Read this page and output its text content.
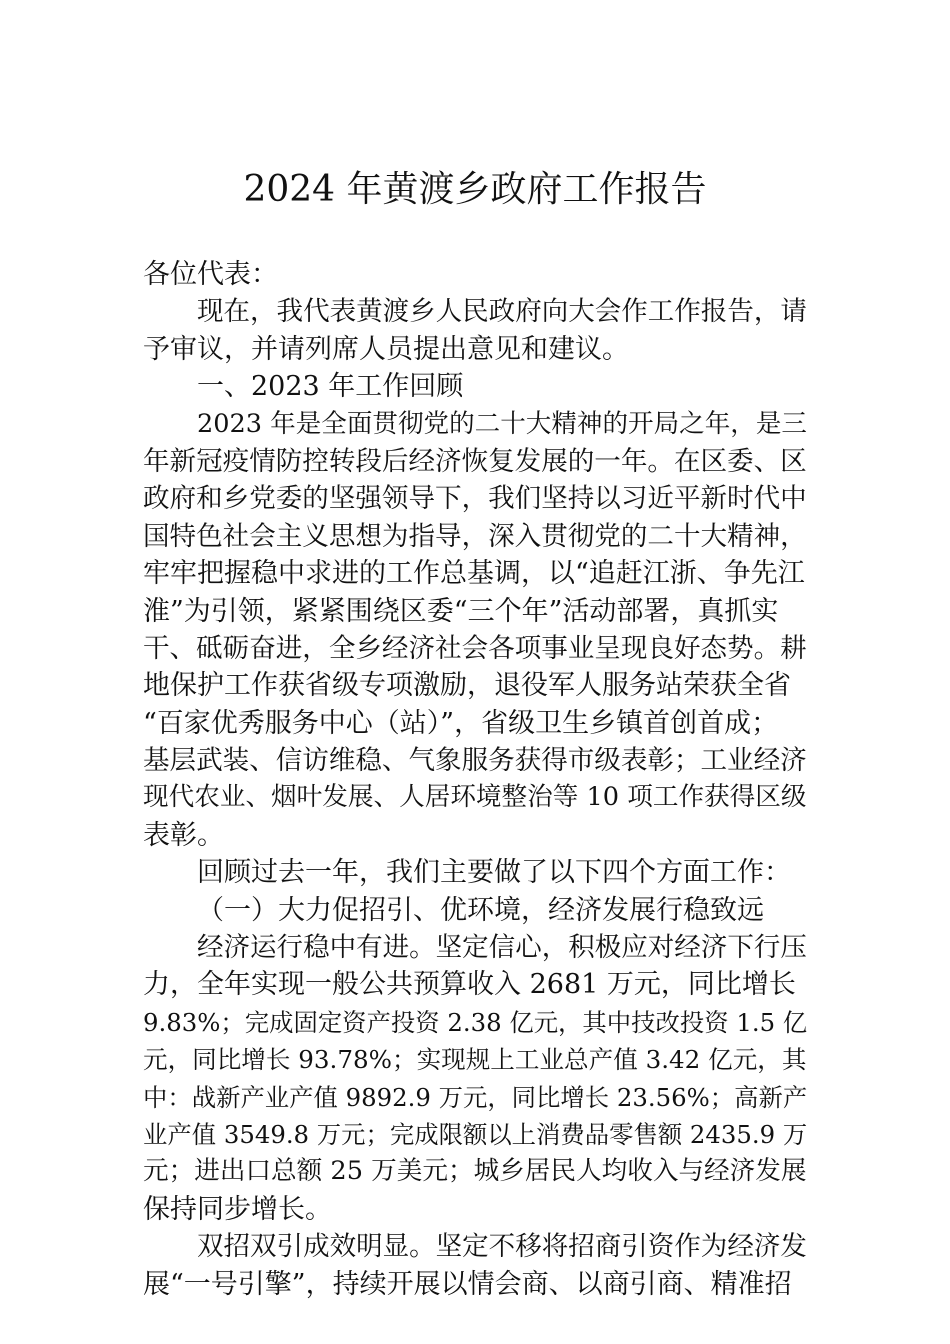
2024 年黄渡乡政府工作报告
各位代表：
现在，我代表黄渡乡人民政府向大会作工作报告，请
予审议，并请列席人员提出意见和建议。
一、2023 年工作回顾
2023 年是全面贯彻党的二十大精神的开局之年，是三
年新冠疫情防控转段后经济恢复发展的一年。在区委、区
政府和乡党委的坚强领导下，我们坚持以习近平新时代中
国特色社会主义思想为指导，深入贯彻党的二十大精神，
牢牢把握稳中求进的工作总基调，以“追赶江浙、争先江
淮”为引领，紧紧围绕区委“三个年”活动部署，真抓实
干、砥砺奋进，全乡经济社会各项事业呈现良好态势。耕
地保护工作获省级专项激励，退役军人服务站荣获全省
“百家优秀服务中心（站）”，省级卫生乡镇首创首成；
基层武装、信访维稳、气象服务获得市级表彰；工业经济
现代农业、烟叶发展、人居环境整治等 10 项工作获得区级
表彰。
回顾过去一年，我们主要做了以下四个方面工作：
（一）大力促招引、优环境，经济发展行稳致远
经济运行稳中有进。坚定信心，积极应对经济下行压
力，全年实现一般公共预算收入 2681 万元，同比增长
9.83%；完成固定资产投资 2.38 亿元，其中技改投资 1.5 亿
元，同比增长 93.78%；实现规上工业总产值 3.42 亿元，其
中：战新产业产值 9892.9 万元，同比增长 23.56%；高新产
业产值 3549.8 万元；完成限额以上消费品零售额 2435.9 万
元；进出口总额 25 万美元；城乡居民人均收入与经济发展
保持同步增长。
双招双引成效明显。坚定不移将招商引资作为经济发
展“一号引擎”，持续开展以情会商、以商引商、精准招
